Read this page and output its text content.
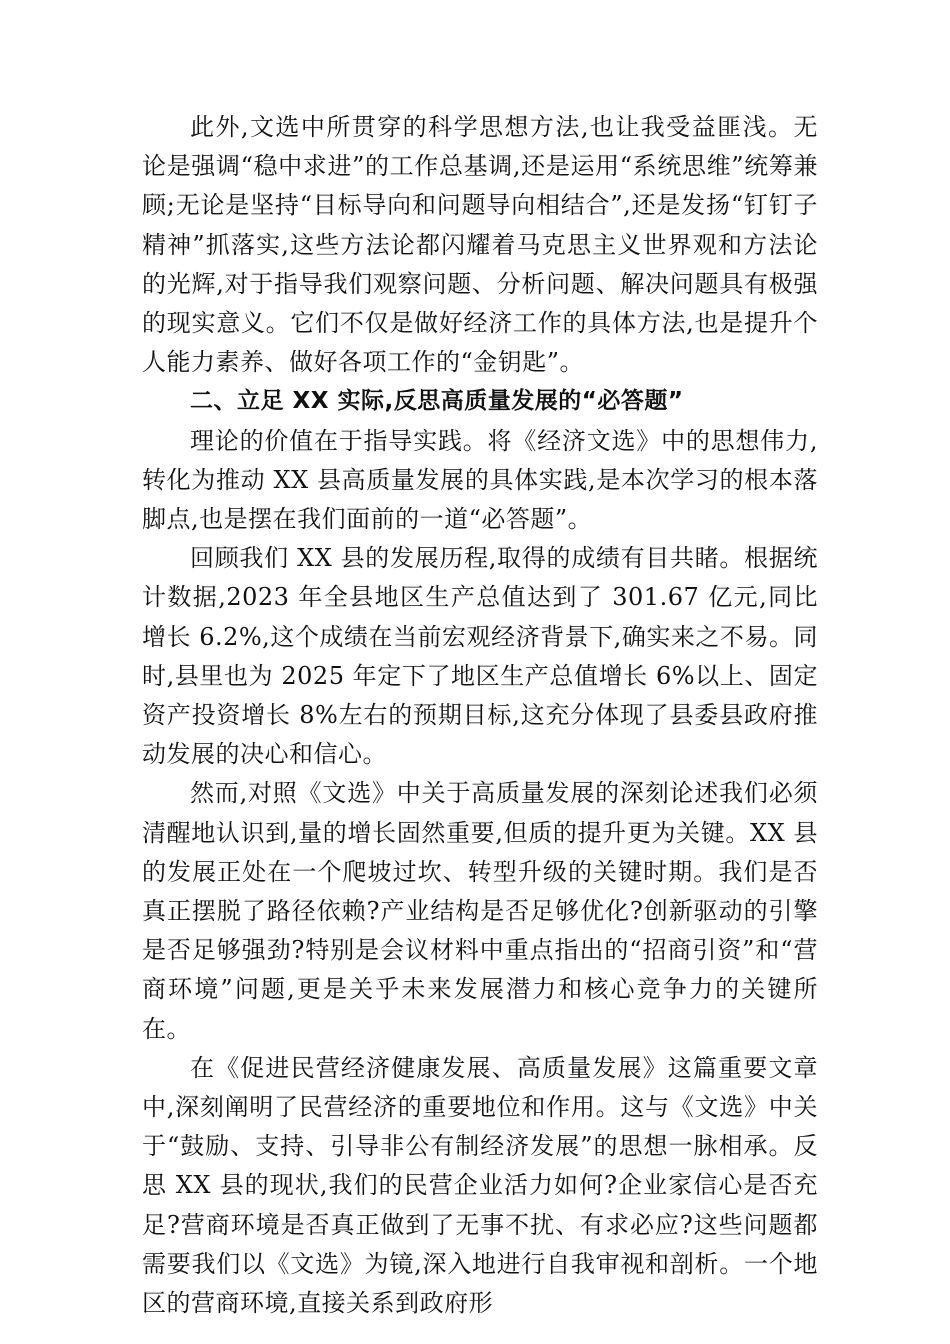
此外,文选中所贯穿的科学思想方法,也让我受益匪浅。无论是强调“稳中求进”的工作总基调,还是运用“系统思维”统筹兼顾;无论是坚持“目标导向和问题导向相结合”,还是发扬“钉钉子精神”抓落实,这些方法论都闪耀着马克思主义世界观和方法论的光辉,对于指导我们观察问题、分析问题、解决问题具有极强的现实意义。它们不仅是做好经济工作的具体方法,也是提升个人能力素养、做好各项工作的“金钥匙”。

二、立足 XX 实际,反思高质量发展的“必答题”

理论的价值在于指导实践。将《经济文选》中的思想伟力,转化为推动 XX 县高质量发展的具体实践,是本次学习的根本落脚点,也是摆在我们面前的一道“必答题”。

回顾我们 XX 县的发展历程,取得的成绩有目共睹。根据统计数据,2023 年全县地区生产总值达到了 301.67 亿元,同比增长 6.2%,这个成绩在当前宏观经济背景下,确实来之不易。同时,县里也为 2025 年定下了地区生产总值增长 6%以上、固定资产投资增长 8%左右的预期目标,这充分体现了县委县政府推动发展的决心和信心。

然而,对照《文选》中关于高质量发展的深刻论述我们必须清醒地认识到,量的增长固然重要,但质的提升更为关键。XX 县的发展正处在一个爬坡过坎、转型升级的关键时期。我们是否真正摆脱了路径依赖?产业结构是否足够优化?创新驱动的引擎是否足够强劲?特别是会议材料中重点指出的“招商引资”和“营商环境”问题,更是关乎未来发展潜力和核心竞争力的关键所在。

在《促进民营经济健康发展、高质量发展》这篇重要文章中,深刻阐明了民营经济的重要地位和作用。这与《文选》中关于“鼓励、支持、引导非公有制经济发展”的思想一脉相承。反思 XX 县的现状,我们的民营企业活力如何?企业家信心是否充足?营商环境是否真正做到了无事不扰、有求必应?这些问题都需要我们以《文选》为镜,深入地进行自我审视和剖析。一个地区的营商环境,直接关系到政府形
